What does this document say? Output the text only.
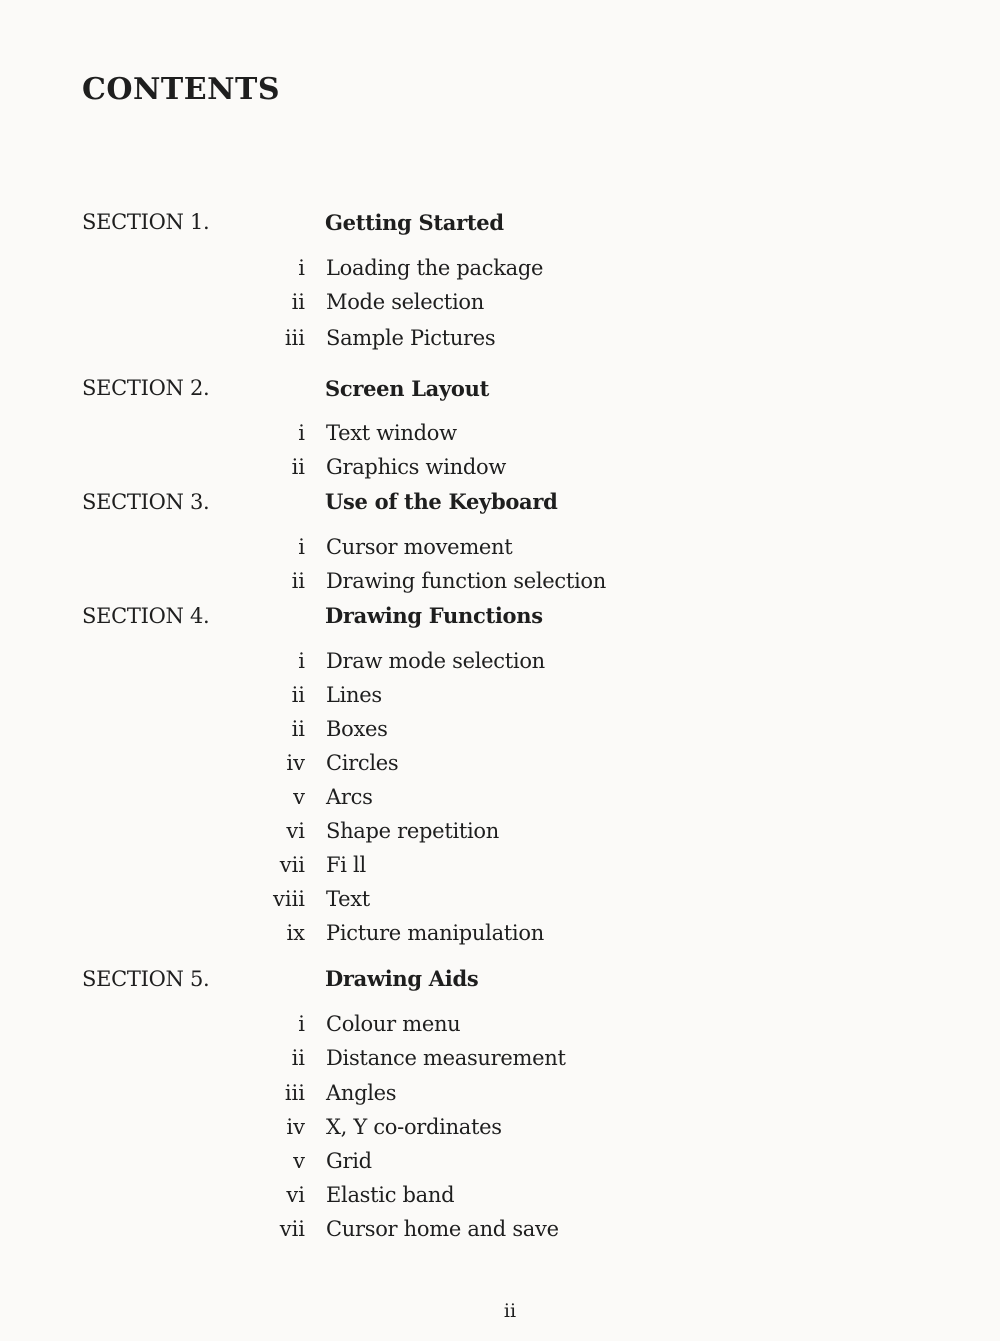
CONTENTS
SECTION 1.	Getting Started
i Loading the package
ii Mode selection
iii Sample Pictures
SECTION 2.	Screen Layout
i Text window
ii Graphics window
SECTION 3.	Use of the Keyboard
i Cursor movement
ii Drawing function selection
SECTION 4.	Drawing Functions
i Draw mode selection
ii Lines
ii Boxes
iv Circles
v Arcs
vi Shape repetition
vii Fi ll
viii Text
ix Picture manipulation
SECTION 5.	Drawing Aids
i Colour menu
ii Distance measurement
iii Angles
iv X, Y co-ordinates
v Grid
vi Elastic band
vii Cursor home and save
ii
